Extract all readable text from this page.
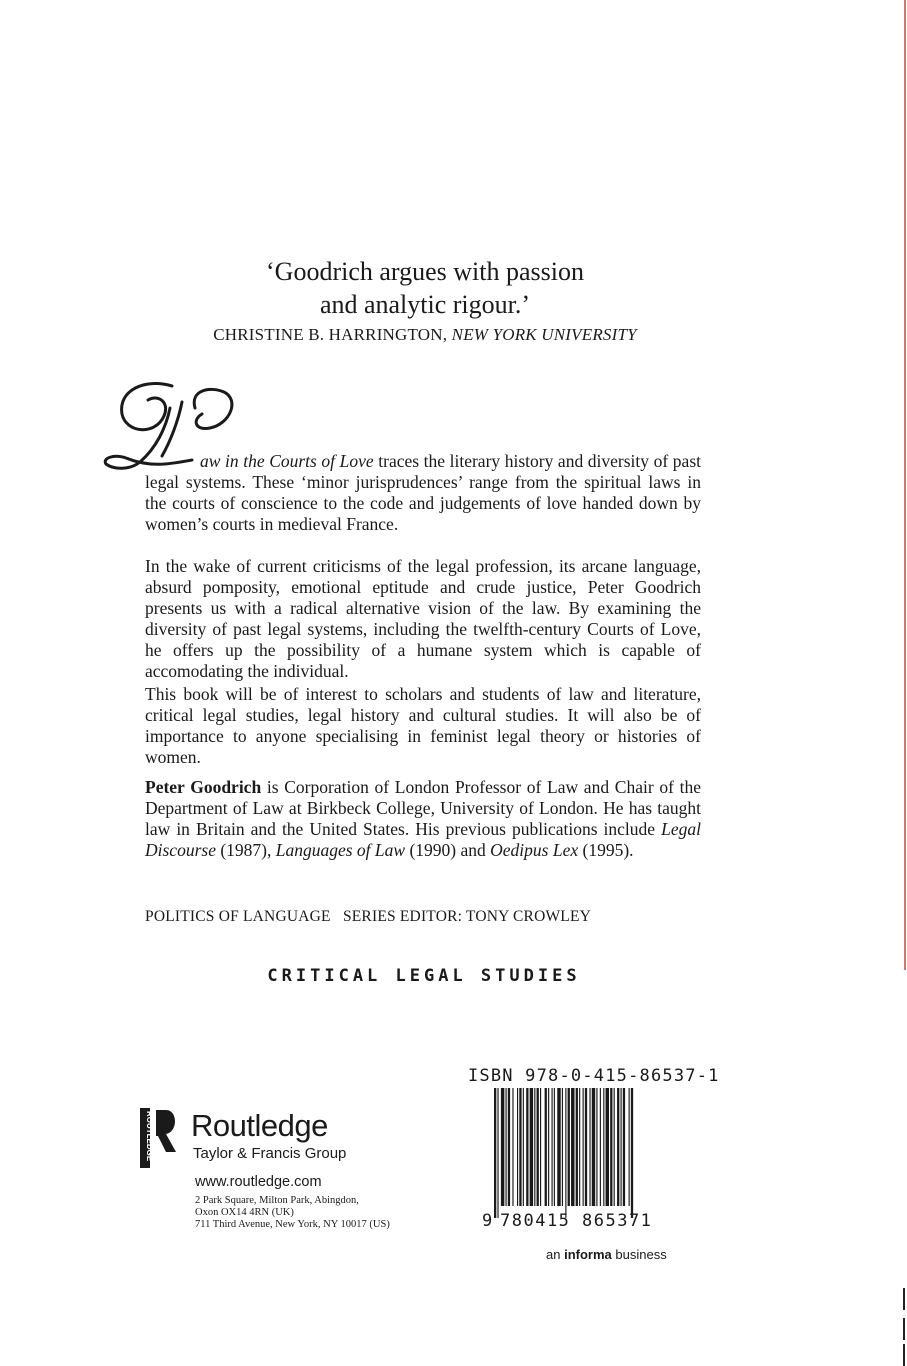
‘Goodrich argues with passion
and analytic rigour.’
CHRISTINE B. HARRINGTON, NEW YORK UNIVERSITY

aw in the Courts of Love traces the literary history and diversity of past legal systems. These ‘minor jurisprudences’ range from the spiritual laws in the courts of conscience to the code and judgements of love handed down by women’s courts in medieval France.

In the wake of current criticisms of the legal profession, its arcane language, absurd pomposity, emotional eptitude and crude justice, Peter Goodrich presents us with a radical alternative vision of the law. By examining the diversity of past legal systems, including the twelfth-century Courts of Love, he offers up the possibility of a humane system which is capable of accomodating the individual.

This book will be of interest to scholars and students of law and literature, critical legal studies, legal history and cultural studies. It will also be of importance to anyone specialising in feminist legal theory or histories of women.

Peter Goodrich is Corporation of London Professor of Law and Chair of the Department of Law at Birkbeck College, University of London. He has taught law in Britain and the United States. His previous publications include Legal Discourse (1987), Languages of Law (1990) and Oedipus Lex (1995).

POLITICS OF LANGUAGE SERIES EDITOR: TONY CROWLEY
CRITICAL LEGAL STUDIES
ROUTLEDGE Routledge
Taylor & Francis Group
www.routledge.com
2 Park Square, Milton Park, Abingdon,
Oxon OX14 4RN (UK)
711 Third Avenue, New York, NY 10017 (US)
ISBN 978-0-415-86537-1
9 780415 865371
an informa business
